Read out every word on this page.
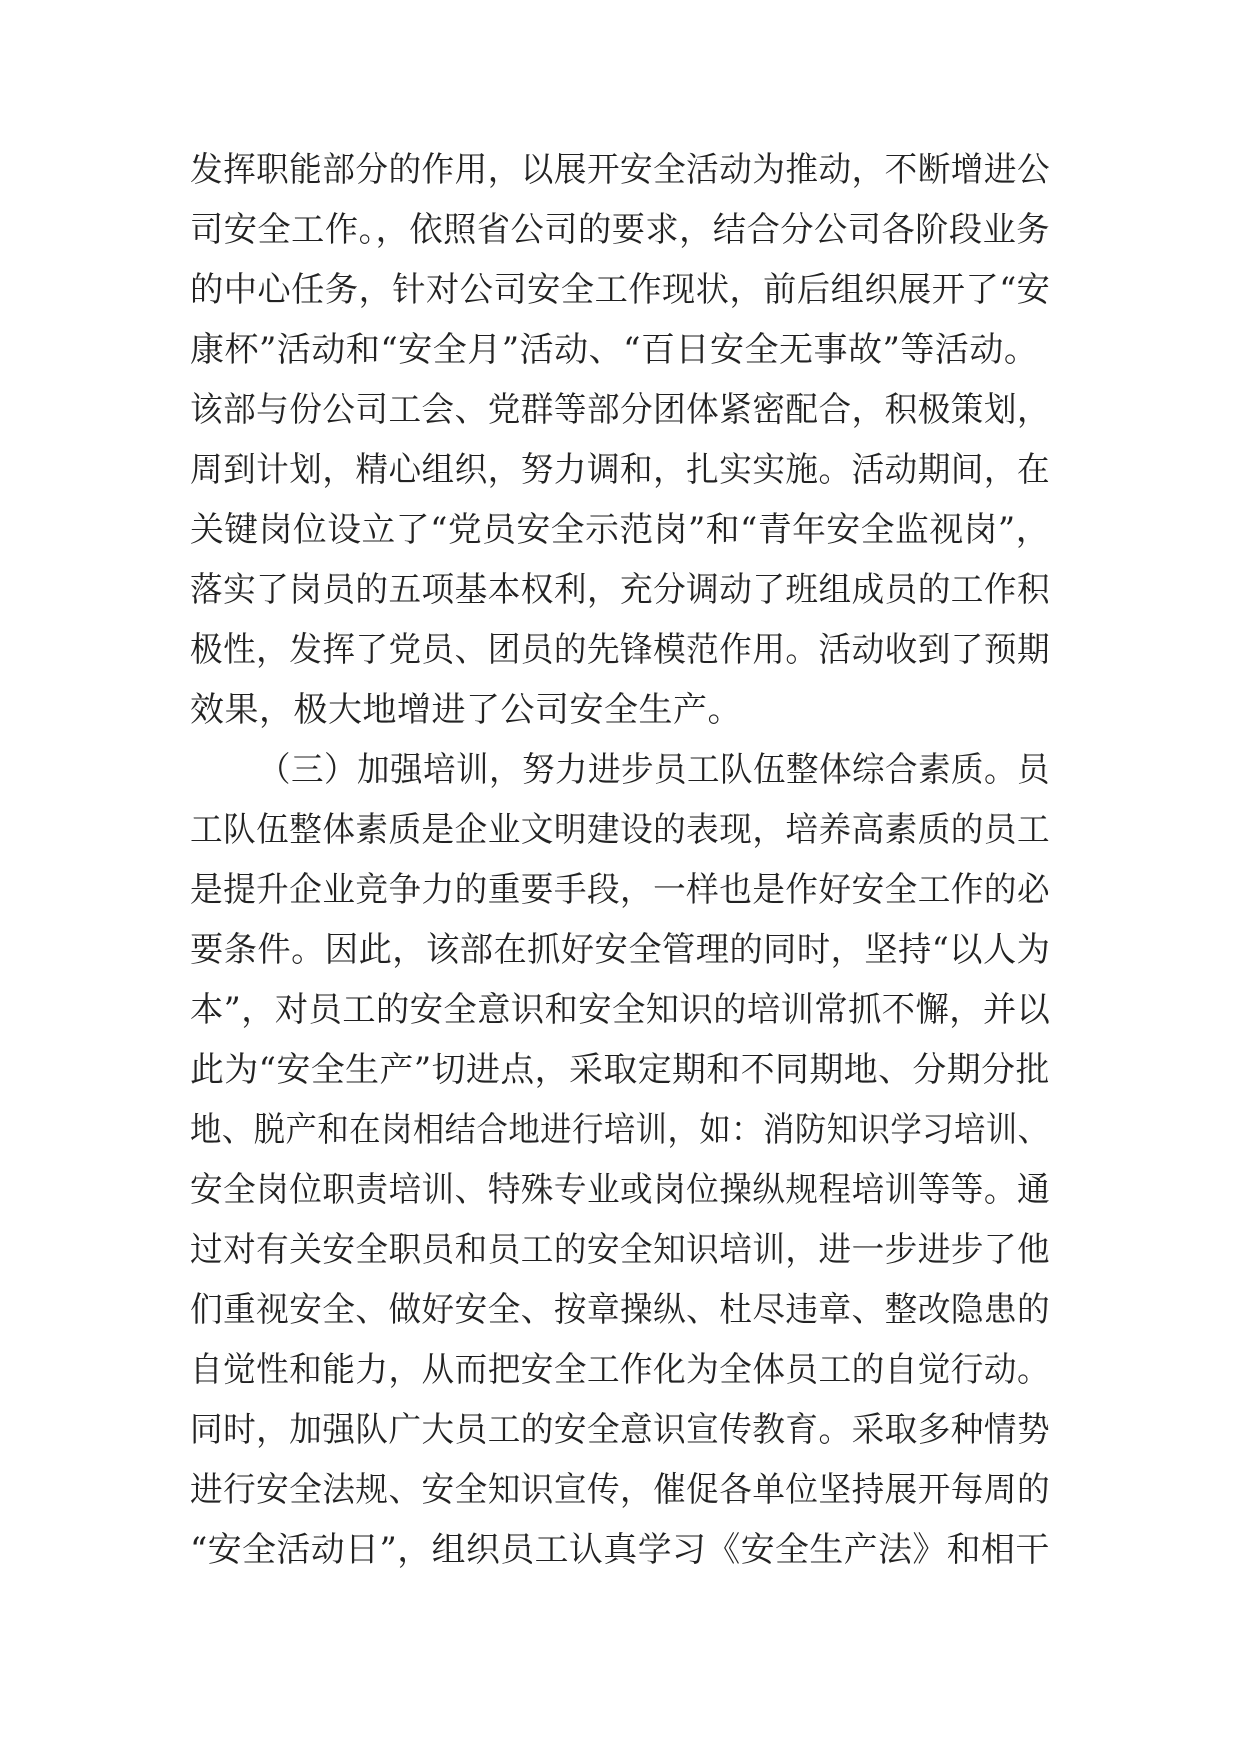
发挥职能部分的作用，以展开安全活动为推动，不断增进公
司安全工作。，依照省公司的要求，结合分公司各阶段业务
的中心任务，针对公司安全工作现状，前后组织展开了“安
康杯”活动和“安全月”活动、“百日安全无事故”等活动。
该部与份公司工会、党群等部分团体紧密配合，积极策划，
周到计划，精心组织，努力调和，扎实实施。活动期间，在
关键岗位设立了“党员安全示范岗”和“青年安全监视岗”，
落实了岗员的五项基本权利，充分调动了班组成员的工作积
极性，发挥了党员、团员的先锋模范作用。活动收到了预期
效果，极大地增进了公司安全生产。
（三）加强培训，努力进步员工队伍整体综合素质。员
工队伍整体素质是企业文明建设的表现，培养高素质的员工
是提升企业竞争力的重要手段，一样也是作好安全工作的必
要条件。因此，该部在抓好安全管理的同时，坚持“以人为
本”，对员工的安全意识和安全知识的培训常抓不懈，并以
此为“安全生产”切进点，采取定期和不同期地、分期分批
地、脱产和在岗相结合地进行培训，如：消防知识学习培训、
安全岗位职责培训、特殊专业或岗位操纵规程培训等等。通
过对有关安全职员和员工的安全知识培训，进一步进步了他
们重视安全、做好安全、按章操纵、杜尽违章、整改隐患的
自觉性和能力，从而把安全工作化为全体员工的自觉行动。
同时，加强队广大员工的安全意识宣传教育。采取多种情势
进行安全法规、安全知识宣传，催促各单位坚持展开每周的
“安全活动日”，组织员工认真学习《安全生产法》和相干
